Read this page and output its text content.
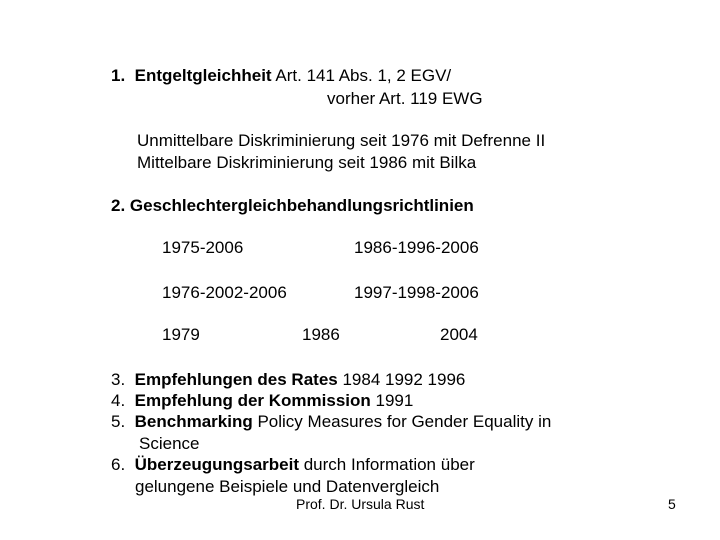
1. Entgeltgleichheit Art. 141 Abs. 1, 2 EGV/
vorher Art. 119 EWG
Unmittelbare Diskriminierung seit 1976 mit Defrenne II
Mittelbare Diskriminierung seit 1986 mit Bilka
2. Geschlechtergleichbehandlungsrichtlinien
1975-2006	1986-1996-2006
1976-2002-2006	1997-1998-2006
1979	1986	2004
3. Empfehlungen des Rates 1984 1992 1996
4. Empfehlung der Kommission 1991
5. Benchmarking Policy Measures for Gender Equality in
Science
6. Überzeugungsarbeit durch Information über
gelungene Beispiele und Datenvergleich
Prof. Dr. Ursula Rust	5
